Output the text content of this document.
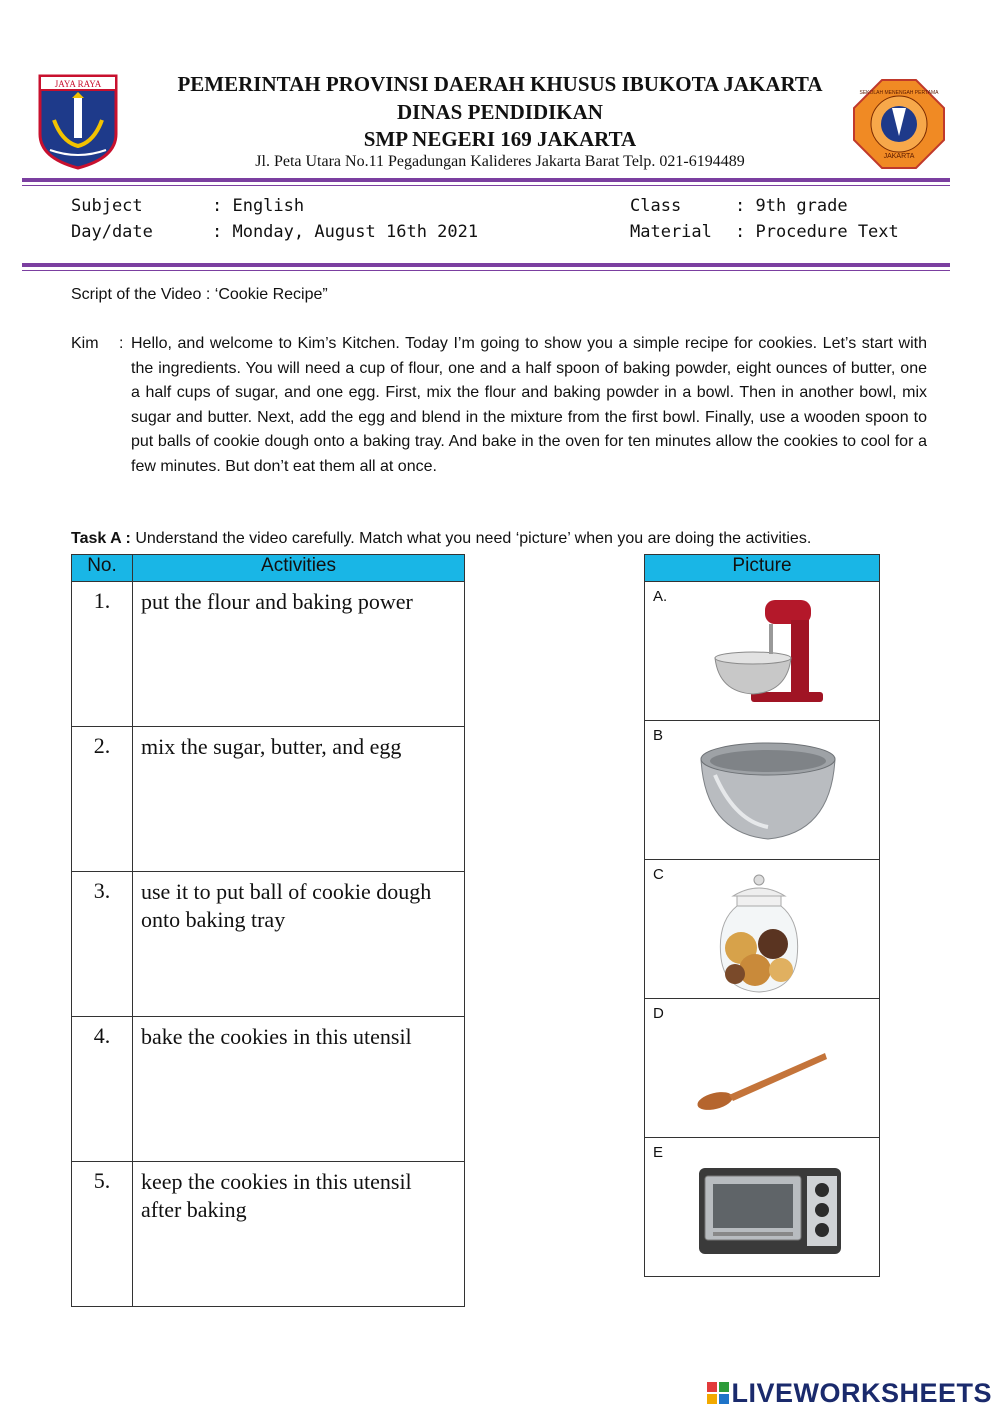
JAYA RAYA	PEMERINTAH PROVINSI DAERAH KHUSUS IBUKOTA JAKARTA
DINAS PENDIDIKAN
SMP NEGERI 169 JAKARTA
Jl. Peta Utara No.11 Pegadungan Kalideres Jakarta Barat Telp. 021-6194489	JAKARTA
SEKOLAH MENENGAH PERTAMA
Subject	: English
Day/date	: Monday, August 16th 2021
Class	: 9th grade
Material : Procedure Text
Script of the Video : ‘Cookie Recipe”
Kim : Hello, and welcome to Kim’s Kitchen. Today I’m going to show you a simple recipe for cookies. Let’s start with the ingredients. You will need a cup of flour, one and a half spoon of baking powder, eight ounces of butter, one a half cups of sugar, and one egg. First, mix the flour and baking powder in a bowl. Then in another bowl, mix sugar and butter. Next, add the egg and blend in the mixture from the first bowl. Finally, use a wooden spoon to put balls of cookie dough onto a baking tray. And bake in the oven for ten minutes allow the cookies to cool for a few minutes. But don’t eat them all at once.
Task A : Understand the video carefully. Match what you need ‘picture’ when you are doing the activities.
No.	Activities
1.	put the flour and baking power
2.	mix the sugar, butter, and egg
3.	use it to put ball of cookie dough onto baking tray
4.	bake the cookies in this utensil
5.	keep the cookies in this utensil after baking
Picture

A.

B

C

D

E
LIVEWORKSHEETS
